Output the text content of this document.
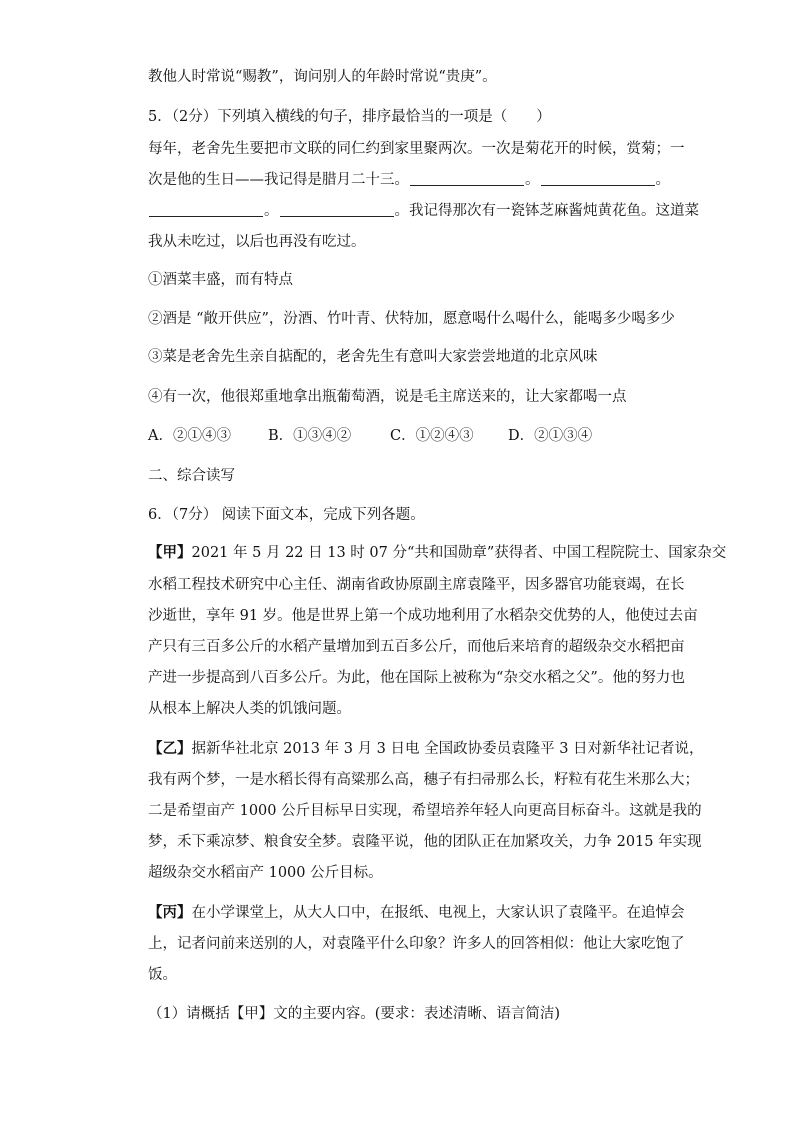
教他人时常说“赐教”，询问别人的年龄时常说“贵庚”。
5．（2分）下列填入横线的句子，排序最恰当的一项是（　　）
每年，老舍先生要把市文联的同仁约到家里聚两次。一次是菊花开的时候，赏菊；一
次是他的生日——我记得是腊月二十三。	。	。
。	。我记得那次有一瓷钵芝麻酱炖黄花鱼。这道菜
我从未吃过，以后也再没有吃过。
①酒菜丰盛，而有特点
②酒是 “敞开供应”，汾酒、竹叶青、伏特加，愿意喝什么喝什么，能喝多少喝多少
③菜是老舍先生亲自掂配的，老舍先生有意叫大家尝尝地道的北京风味
④有一次，他很郑重地拿出瓶葡萄酒，说是毛主席送来的，让大家都喝一点
A．②①④③	B．①③④②	C．①②④③ D．②①③④
二、综合读写
6．（7分） 阅读下面文本，完成下列各题。
【甲】2021 年 5 月 22 日 13 时 07 分“共和国勋章”获得者、中国工程院院士、国家杂交
水稻工程技术研究中心主任、湖南省政协原副主席袁隆平，因多器官功能衰竭，在长
沙逝世，享年 91 岁。他是世界上第一个成功地利用了水稻杂交优势的人，他使过去亩
产只有三百多公斤的水稻产量增加到五百多公斤，而他后来培育的超级杂交水稻把亩
产进一步提高到八百多公斤。为此，他在国际上被称为“杂交水稻之父”。他的努力也
从根本上解决人类的饥饿问题。
【乙】据新华社北京 2013 年 3 月 3 日电 全国政协委员袁隆平 3 日对新华社记者说，
我有两个梦，一是水稻长得有高粱那么高，穗子有扫帚那么长，籽粒有花生米那么大；
二是希望亩产 1000 公斤目标早日实现，希望培养年轻人向更高目标奋斗。这就是我的
梦，禾下乘凉梦、粮食安全梦。袁隆平说，他的团队正在加紧攻关，力争 2015 年实现
超级杂交水稻亩产 1000 公斤目标。
【丙】在小学课堂上，从大人口中，在报纸、电视上，大家认识了袁隆平。在追悼会
上，记者问前来送别的人，对袁隆平什么印象？许多人的回答相似：他让大家吃饱了
饭。
（1）请概括【甲】文的主要内容。(要求：表述清晰、语言简洁)
